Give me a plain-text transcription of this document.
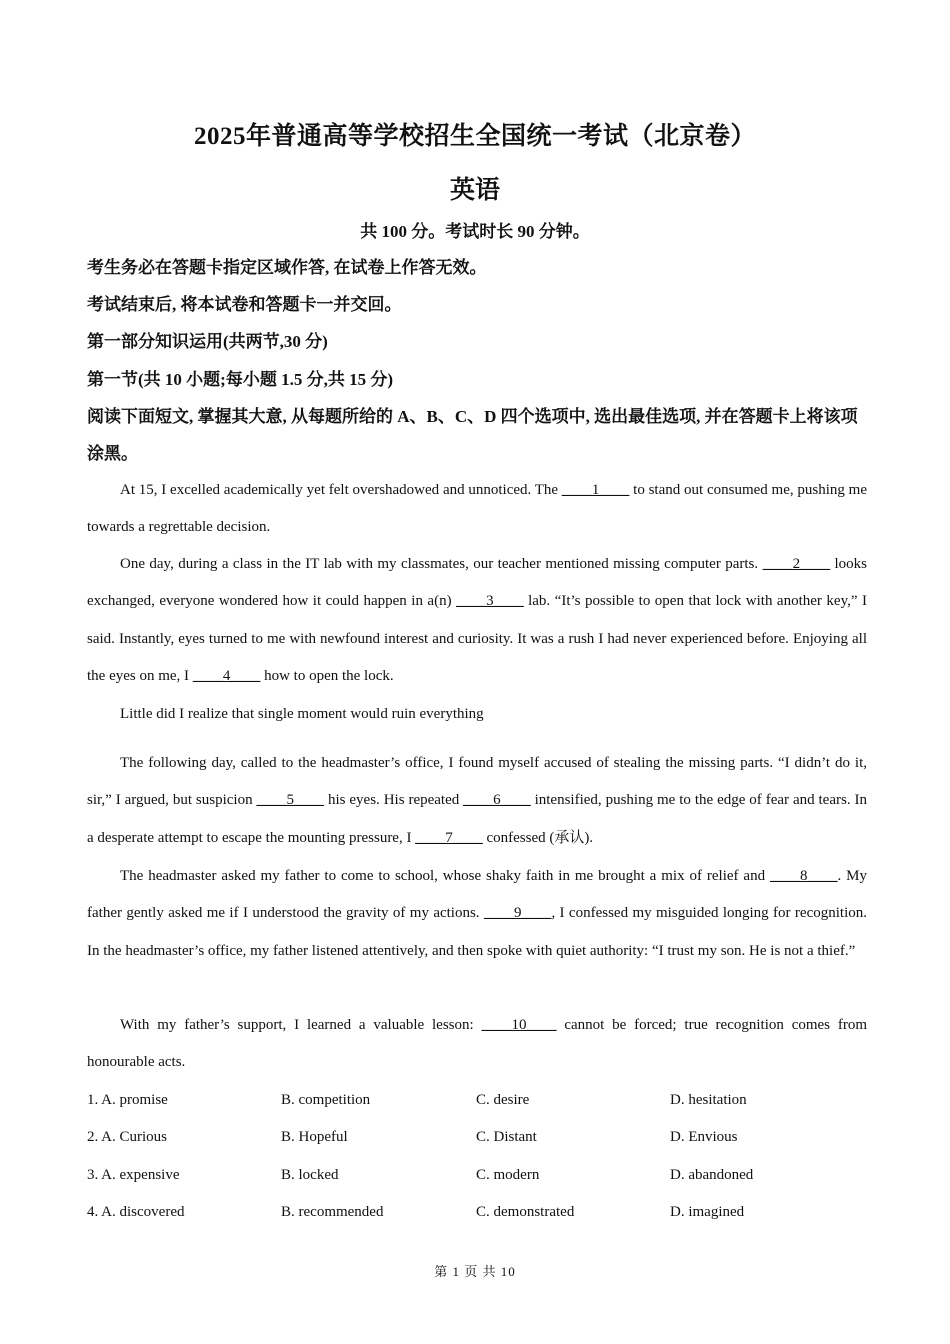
2025年普通高等学校招生全国统一考试（北京卷）
英语
共 100 分。考试时长 90 分钟。
考生务必在答题卡指定区域作答, 在试卷上作答无效。
考试结束后, 将本试卷和答题卡一并交回。
第一部分知识运用(共两节,30 分)
第一节(共 10 小题;每小题 1.5 分,共 15 分)
阅读下面短文, 掌握其大意, 从每题所给的 A、B、C、D 四个选项中, 选出最佳选项, 并在答题卡上将该项涂黑。

At 15, I excelled academically yet felt overshadowed and unnoticed. The ____1____ to stand out consumed me, pushing me towards a regrettable decision.

One day, during a class in the IT lab with my classmates, our teacher mentioned missing computer parts. ____2____ looks exchanged, everyone wondered how it could happen in a(n) ____3____ lab. “It’s possible to open that lock with another key,” I said. Instantly, eyes turned to me with newfound interest and curiosity. It was a rush I had never experienced before. Enjoying all the eyes on me, I ____4____ how to open the lock.

Little did I realize that single moment would ruin everything

The following day, called to the headmaster’s office, I found myself accused of stealing the missing parts. “I didn’t do it, sir,” I argued, but suspicion ____5____ his eyes. His repeated ____6____ intensified, pushing me to the edge of fear and tears. In a desperate attempt to escape the mounting pressure, I ____7____ confessed (承认).

The headmaster asked my father to come to school, whose shaky faith in me brought a mix of relief and ____8____. My father gently asked me if I understood the gravity of my actions. ____9____, I confessed my misguided longing for recognition. In the headmaster’s office, my father listened attentively, and then spoke with quiet authority: “I trust my son. He is not a thief.”

With my father’s support, I learned a valuable lesson: ____10____ cannot be forced; true recognition comes from honourable acts.

1. A. promise	B. competition	C. desire	D. hesitation
2. A. Curious	B. Hopeful	C. Distant	D. Envious
3. A. expensive	B. locked	C. modern	D. abandoned
4. A. discovered	B. recommended	C. demonstrated	D. imagined
第 1 页 共 10
